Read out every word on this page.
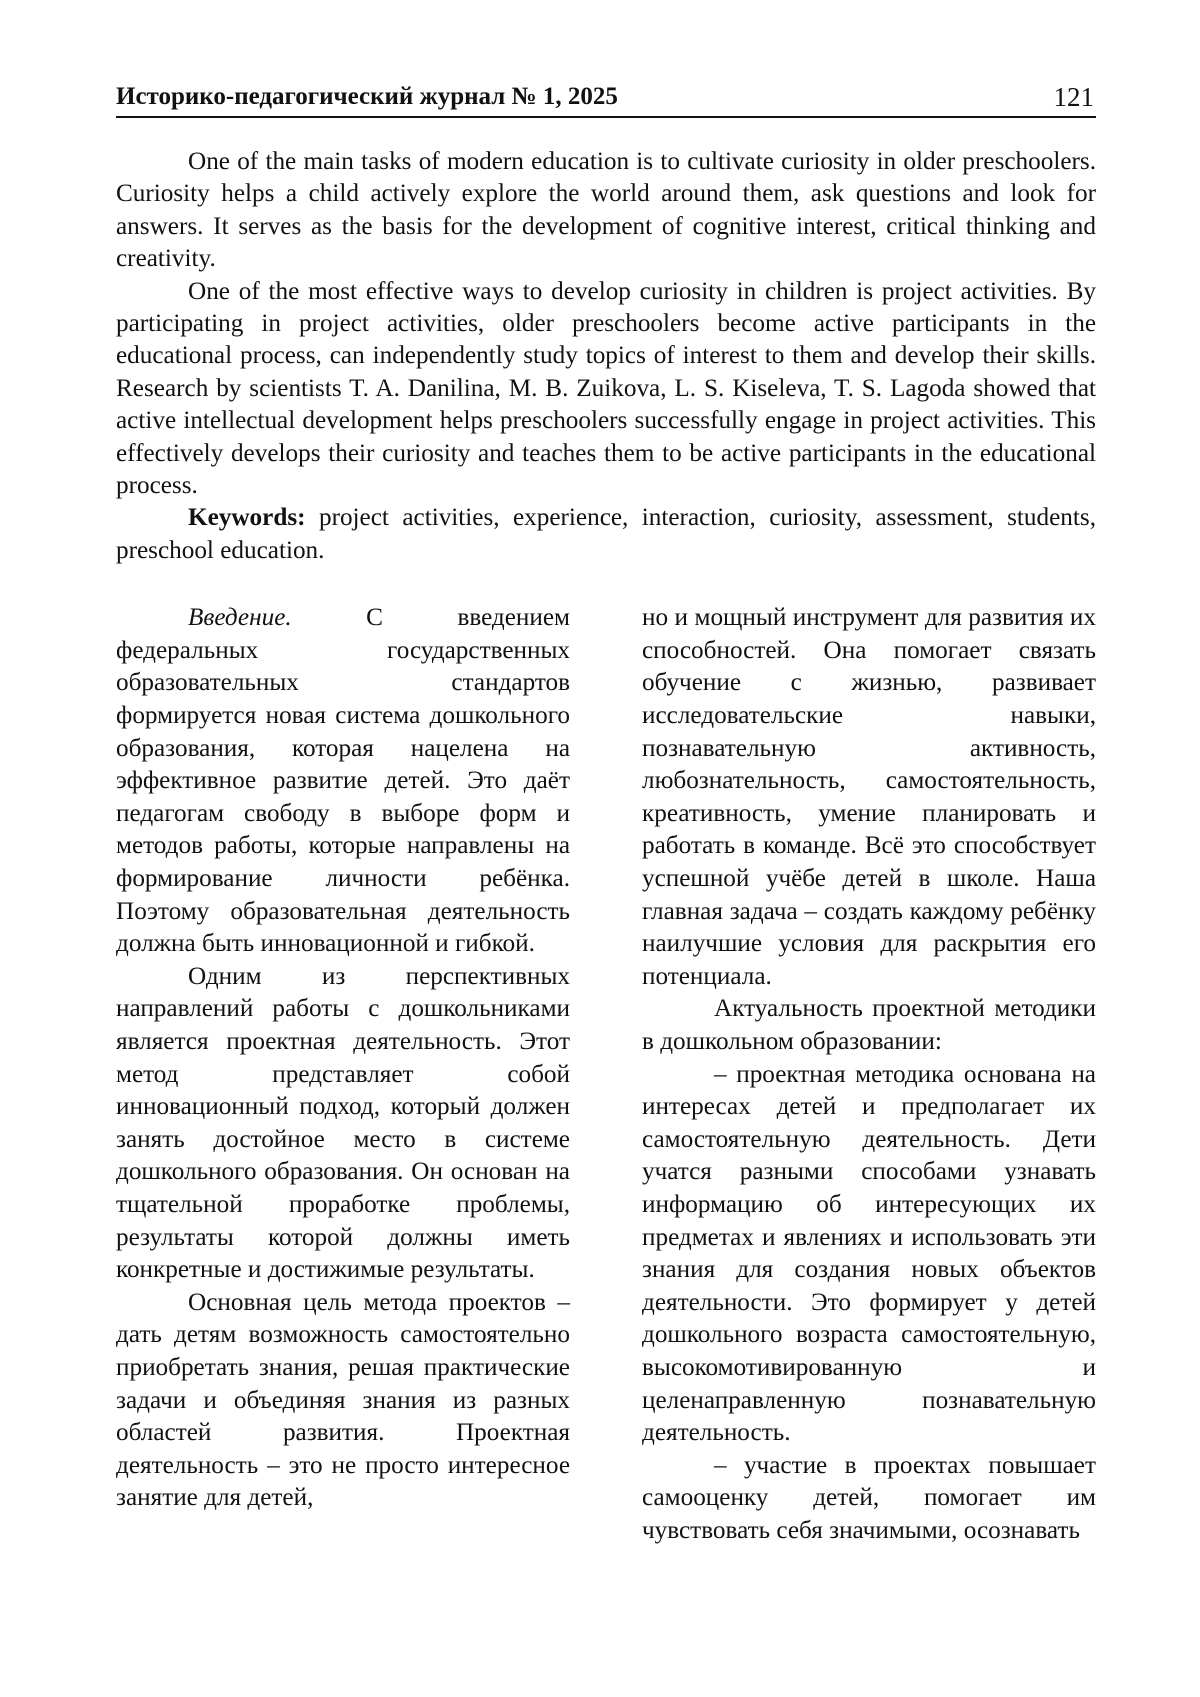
Историко-педагогический журнал № 1, 2025	121

One of the main tasks of modern education is to cultivate curiosity in older preschoolers. Curiosity helps a child actively explore the world around them, ask questions and look for answers. It serves as the basis for the development of cognitive interest, critical thinking and creativity.

One of the most effective ways to develop curiosity in children is project activities. By participating in project activities, older preschoolers become active participants in the educational process, can independently study topics of interest to them and develop their skills. Research by scientists T. A. Danilina, M. B. Zuikova, L. S. Kiseleva, T. S. Lagoda showed that active intellectual development helps preschoolers successfully engage in project activities. This effectively develops their curiosity and teaches them to be active participants in the educational process.

Keywords: project activities, experience, interaction, curiosity, assessment, students, preschool education.

Введение. С введением федеральных государственных образовательных стандартов формируется новая система дошкольного образования, которая нацелена на эффективное развитие детей. Это даёт педагогам свободу в выборе форм и методов работы, которые направлены на формирование личности ребёнка. Поэтому образовательная деятельность должна быть инновационной и гибкой.

Одним из перспективных направлений работы с дошкольниками является проектная деятельность. Этот метод представляет собой инновационный подход, который должен занять достойное место в системе дошкольного образования. Он основан на тщательной проработке проблемы, результаты которой должны иметь конкретные и достижимые результаты.

Основная цель метода проектов – дать детям возможность самостоятельно приобретать знания, решая практические задачи и объединяя знания из разных областей развития. Проектная деятельность – это не просто интересное занятие для детей,

но и мощный инструмент для развития их способностей. Она помогает связать обучение с жизнью, развивает исследовательские навыки, познавательную активность, любознательность, самостоятельность, креативность, умение планировать и работать в команде. Всё это способствует успешной учёбе детей в школе. Наша главная задача – создать каждому ребёнку наилучшие условия для раскрытия его потенциала.

Актуальность проектной методики в дошкольном образовании:

– проектная методика основана на интересах детей и предполагает их самостоятельную деятельность. Дети учатся разными способами узнавать информацию об интересующих их предметах и явлениях и использовать эти знания для создания новых объектов деятельности. Это формирует у детей дошкольного возраста самостоятельную, высокомотивированную и целенаправленную познавательную деятельность.

– участие в проектах повышает самооценку детей, помогает им чувствовать себя значимыми, осознавать
